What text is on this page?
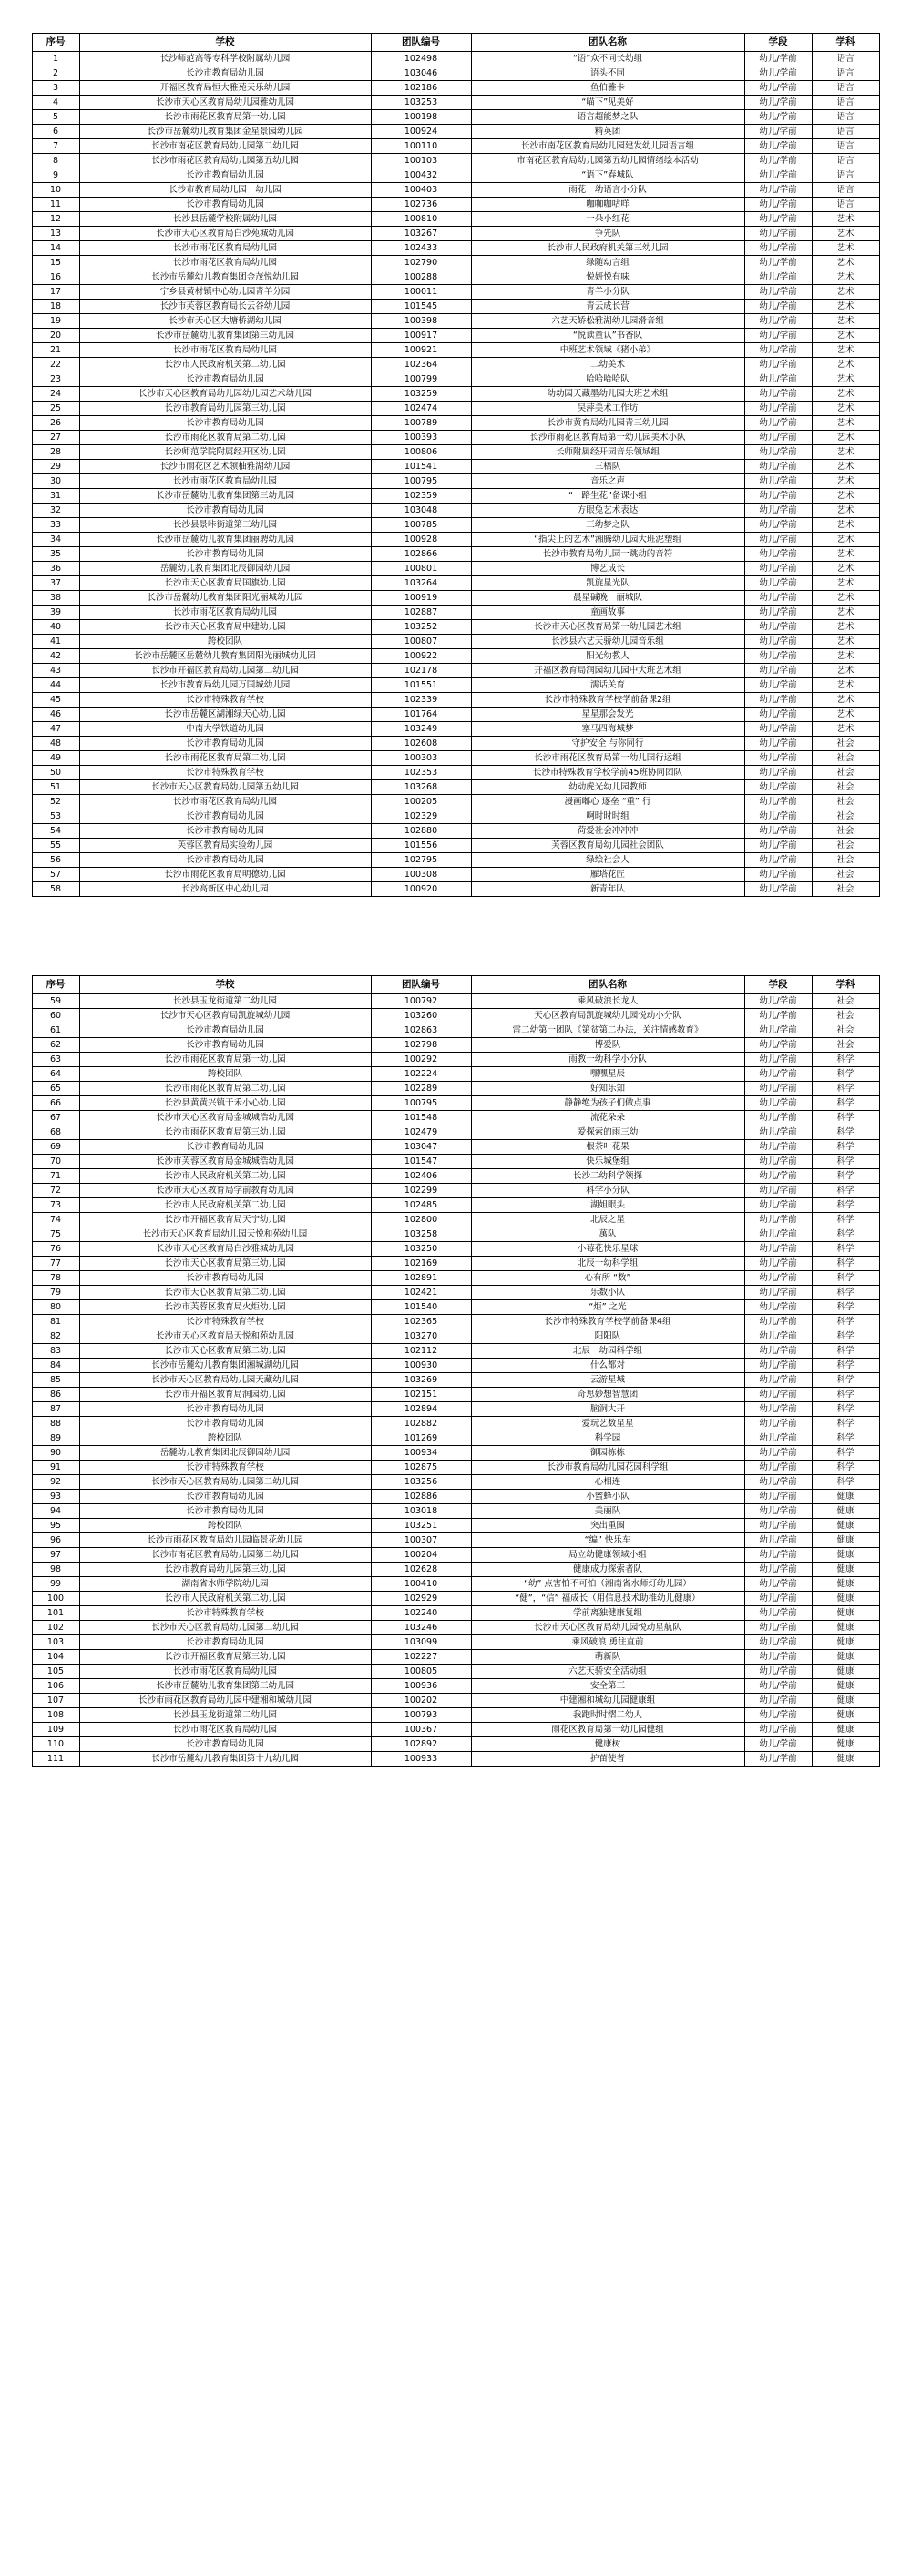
序号	学校	团队编号	团队名称	学段	学科
1	长沙师范高等专科学校附属幼儿园	102498	“语”众不同长幼组	幼儿/学前	语言
2	长沙市教育局幼儿园	103046	语头不同	幼儿/学前	语言
3	开福区教育局恒大雅苑天乐幼儿园	102186	鱼伯雅卡	幼儿/学前	语言
4	长沙市天心区教育局幼儿园雅幼儿园	103253	“喵下”见美好	幼儿/学前	语言
5	长沙市雨花区教育局第一幼儿园	100198	语言超能梦之队	幼儿/学前	语言
6	长沙市岳麓幼儿教育集团金星景园幼儿园	100924	精英团	幼儿/学前	语言
7	长沙市南花区教育局幼儿园第二幼儿园	100110	长沙市南花区教育局幼儿园建发幼儿园语言组	幼儿/学前	语言
8	长沙市雨花区教育局幼儿园第五幼儿园	100103	市南花区教育局幼儿园第五幼儿园情绪绘本活动	幼儿/学前	语言
9	长沙市教育局幼儿园	100432	“语下”春城队	幼儿/学前	语言
10	长沙市教育局幼儿园一幼儿园	100403	雨花一幼语言小分队	幼儿/学前	语言
11	长沙市教育局幼儿园	102736	咖咖咖咕咩	幼儿/学前	语言
12	长沙县岳麓学校附属幼儿园	100810	一朵小红花	幼儿/学前	艺术
13	长沙市天心区教育局白沙苑城幼儿园	103267	争先队	幼儿/学前	艺术
14	长沙市雨花区教育局幼儿园	102433	长沙市人民政府机关第三幼儿园	幼儿/学前	艺术
15	长沙市雨花区教育局幼儿园	102790	绿随动言组	幼儿/学前	艺术
16	长沙市岳麓幼儿教育集团金茂悦幼儿园	100288	悦妍悦有味	幼儿/学前	艺术
17	宁乡县黄材镇中心幼儿园青羊分园	100011	青羊小分队	幼儿/学前	艺术
18	长沙市芙蓉区教育局长云谷幼儿园	101545	青云成长营	幼儿/学前	艺术
19	长沙市天心区大塘桥湖幼儿园	100398	六艺天娇松雅湖幼儿园滑音组	幼儿/学前	艺术
20	长沙市岳麓幼儿教育集团第三幼儿园	100917	“悦读童认”书香队	幼儿/学前	艺术
21	长沙市雨花区教育局幼儿园	100921	中班艺术领域《猪小弟》	幼儿/学前	艺术
22	长沙市人民政府机关第二幼儿园	102364	二幼美术	幼儿/学前	艺术
23	长沙市教育局幼儿园	100799	哈哈哈哈队	幼儿/学前	艺术
24	长沙市天心区教育局幼儿园幼儿园艺术幼儿园	103259	幼幼园天藏墨幼儿园大班艺术组	幼儿/学前	艺术
25	长沙市教育局幼儿园第三幼儿园	102474	吴萍美术工作坊	幼儿/学前	艺术
26	长沙市教育局幼儿园	100789	长沙市黄育局幼儿园青三幼儿园	幼儿/学前	艺术
27	长沙市雨花区教育局第二幼儿园	100393	长沙市雨花区教育局第一幼儿园美术小队	幼儿/学前	艺术
28	长沙师范学院附属经开区幼儿园	100806	长师附属经开园音乐领域组	幼儿/学前	艺术
29	长沙市雨花区艺术领柚雅湖幼儿园	101541	三梧队	幼儿/学前	艺术
30	长沙市雨花区教育局幼儿园	100795	音乐之声	幼儿/学前	艺术
31	长沙市岳麓幼儿教育集团第三幼儿园	102359	“一路生花”备课小组	幼儿/学前	艺术
32	长沙市教育局幼儿园	103048	方眼兔艺术表达	幼儿/学前	艺术
33	长沙县景咔街道第三幼儿园	100785	三幼梦之队	幼儿/学前	艺术
34	长沙市岳麓幼儿教育集团丽聘幼儿园	100928	“指尖上的艺术”湘腾幼儿园大班泥塑组	幼儿/学前	艺术
35	长沙市教育局幼儿园	102866	长沙市教育局幼儿园一跳动的音符	幼儿/学前	艺术
36	岳麓幼儿教育集团北辰御园幼儿园	100801	博艺成长	幼儿/学前	艺术
37	长沙市天心区教育局国旗幼儿园	103264	凯旋星光队	幼儿/学前	艺术
38	长沙市岳麓幼儿教育集团阳光丽城幼儿园	100919	晨星碱晚一丽城队	幼儿/学前	艺术
39	长沙市雨花区教育局幼儿园	102887	童画故事	幼儿/学前	艺术
40	长沙市天心区教育局申建幼儿园	103252	长沙市天心区教育局第一幼儿园艺术组	幼儿/学前	艺术
41	跨校团队	100807	长沙县六艺天骄幼儿园音乐组	幼儿/学前	艺术
42	长沙市岳麓区岳麓幼儿教育集团阳光丽城幼儿园	100922	阳光幼教人	幼儿/学前	艺术
43	长沙市开福区教育局幼儿园第二幼儿园	102178	开福区教育局润园幼儿园中大班艺术组	幼儿/学前	艺术
44	长沙市教育局幼儿园万国城幼儿园	101551	濡话关育	幼儿/学前	艺术
45	长沙市特殊教育学校	102339	长沙市特殊教育学校学前备课2组	幼儿/学前	艺术
46	长沙市岳麓区湖湘绿天心幼儿园	101764	星星那会发光	幼儿/学前	艺术
47	中南大学铁道幼儿园	103249	塞马四海城梦	幼儿/学前	艺术
48	长沙市教育局幼儿园	102608	守护安全 与你同行	幼儿/学前	社会
49	长沙市雨花区教育局第二幼儿园	100303	长沙市雨花区教育局第一幼儿园行运组	幼儿/学前	社会
50	长沙市特殊教育学校	102353	长沙市特殊教育学校学前45班协同团队	幼儿/学前	社会
51	长沙市天心区教育局幼儿园第五幼儿园	103268	幼动虎光幼儿园教师	幼儿/学前	社会
52	长沙市雨花区教育局幼儿园	100205	漫画嘟心 逐垒 “重” 行	幼儿/学前	社会
53	长沙市教育局幼儿园	102329	啊时时时组	幼儿/学前	社会
54	长沙市教育局幼儿园	102880	荷爱社会冲冲冲	幼儿/学前	社会
55	芙蓉区教育局实验幼儿园	101556	芙蓉区教育局幼儿园社会团队	幼儿/学前	社会
56	长沙市教育局幼儿园	102795	绿绘社会人	幼儿/学前	社会
57	长沙市雨花区教育局明德幼儿园	100308	雁塔花匠	幼儿/学前	社会
58	长沙高新区中心幼儿园	100920	新青年队	幼儿/学前	社会
序号	学校	团队编号	团队名称	学段	学科
59	长沙县玉龙街道第二幼儿园	100792	乘风破浪长龙人	幼儿/学前	社会
60	长沙市天心区教育局凯旋城幼儿园	103260	天心区教育局凯旋城幼儿园悦动小分队	幼儿/学前	社会
61	长沙市教育局幼儿园	102863	雷二幼第一团队《第贫第二办法，关注情感教育》	幼儿/学前	社会
62	长沙市教育局幼儿园	102798	博爱队	幼儿/学前	社会
63	长沙市雨花区教育局第一幼儿园	100292	雨教一幼科学小分队	幼儿/学前	科学
64	跨校团队	102224	嘿嘿星辰	幼儿/学前	科学
65	长沙市雨花区教育局第二幼儿园	102289	好知乐知	幼儿/学前	科学
66	长沙县黄黄兴镇干禾小心幼儿园	100795	静静绝为孩子们做点事	幼儿/学前	科学
67	长沙市天心区教育局金城城浩幼儿园	101548	流花朵朵	幼儿/学前	科学
68	长沙市雨花区教育局第三幼儿园	102479	爱探索的雨三幼	幼儿/学前	科学
69	长沙市教育局幼儿园	103047	根茶叶花果	幼儿/学前	科学
70	长沙市芙蓉区教育局金城城浩幼儿园	101547	快乐城堡组	幼儿/学前	科学
71	长沙市人民政府机关第二幼儿园	102406	长沙二幼科学领探	幼儿/学前	科学
72	长沙市天心区教育局学前教育幼儿园	102299	科学小分队	幼儿/学前	科学
73	长沙市人民政府机关第二幼儿园	102485	湖姐眼头	幼儿/学前	科学
74	长沙市开福区教育局天宁幼儿园	102800	北辰之星	幼儿/学前	科学
75	长沙市天心区教育局幼儿园天悦和苑幼儿园	103258	萬队	幼儿/学前	科学
76	长沙市天心区教育局白沙雅城幼儿园	103250	小莓花快乐星球	幼儿/学前	科学
77	长沙市天心区教育局第三幼儿园	102169	北辰一幼科学组	幼儿/学前	科学
78	长沙市教育局幼儿园	102891	心有所 “数”	幼儿/学前	科学
79	长沙市天心区教育局第二幼儿园	102421	乐数小队	幼儿/学前	科学
80	长沙市芙蓉区教育局火炬幼儿园	101540	“炬” 之光	幼儿/学前	科学
81	长沙市特殊教育学校	102365	长沙市特殊教育学校学前备课4组	幼儿/学前	科学
82	长沙市天心区教育局天悦和苑幼儿园	103270	阳阳队	幼儿/学前	科学
83	长沙市天心区教育局第二幼儿园	102112	北辰一幼园科学组	幼儿/学前	科学
84	长沙市岳麓幼儿教育集团湘城湖幼儿园	100930	什么都对	幼儿/学前	科学
85	长沙市天心区教育局幼儿园天藏幼儿园	103269	云游星城	幼儿/学前	科学
86	长沙市开福区教育局润园幼儿园	102151	奇思妙想智慧团	幼儿/学前	科学
87	长沙市教育局幼儿园	102894	脑洞大开	幼儿/学前	科学
88	长沙市教育局幼儿园	102882	爱玩艺数星星	幼儿/学前	科学
89	跨校团队	101269	科学园	幼儿/学前	科学
90	岳麓幼儿教育集团北辰御园幼儿园	100934	御园栋栋	幼儿/学前	科学
91	长沙市特殊教育学校	102875	长沙市教育局幼儿园花园科学组	幼儿/学前	科学
92	长沙市天心区教育局幼儿园第二幼儿园	103256	心相连	幼儿/学前	科学
93	长沙市教育局幼儿园	102886	小蜜蜂小队	幼儿/学前	健康
94	长沙市教育局幼儿园	103018	美丽队	幼儿/学前	健康
95	跨校团队	103251	突出重围	幼儿/学前	健康
96	长沙市雨花区教育局幼儿园临景花幼儿园	100307	“编” 快乐车	幼儿/学前	健康
97	长沙市南花区教育局幼儿园第二幼儿园	100204	局立幼健康领域小组	幼儿/学前	健康
98	长沙市教育局幼儿园第三幼儿园	102628	健康成力探索者队	幼儿/学前	健康
99	湖南省水师学院幼儿园	100410	“幼” 点害怕不可怕（湘南省水师灯幼儿园）	幼儿/学前	健康
100	长沙市人民政府机关第二幼儿园	102929	“健”，“信” 福成长（用信息技术助推幼儿健康）	幼儿/学前	健康
101	长沙市特殊教育学校	102240	学前离独健康复组	幼儿/学前	健康
102	长沙市天心区教育局幼儿园第二幼儿园	103246	长沙市天心区教育局幼儿园悦动星航队	幼儿/学前	健康
103	长沙市教育局幼儿园	103099	乘风破浪 勇往直前	幼儿/学前	健康
104	长沙市开福区教育局第三幼儿园	102227	萌新队	幼儿/学前	健康
105	长沙市雨花区教育局幼儿园	100805	六艺天骄安全活动组	幼儿/学前	健康
106	长沙市岳麓幼儿教育集团第三幼儿园	100936	安全第三	幼儿/学前	健康
107	长沙市雨花区教育局幼儿园中建湘和城幼儿园	100202	中建湘和城幼儿园健康组	幼儿/学前	健康
108	长沙县玉龙街道第二幼儿园	100793	我跑时时熠二幼人	幼儿/学前	健康
109	长沙市雨花区教育局幼儿园	100367	雨花区教育局第一幼儿园健组	幼儿/学前	健康
110	长沙市教育局幼儿园	102892	健康树	幼儿/学前	健康
111	长沙市岳麓幼儿教育集团第十九幼儿园	100933	护苗使者	幼儿/学前	健康
